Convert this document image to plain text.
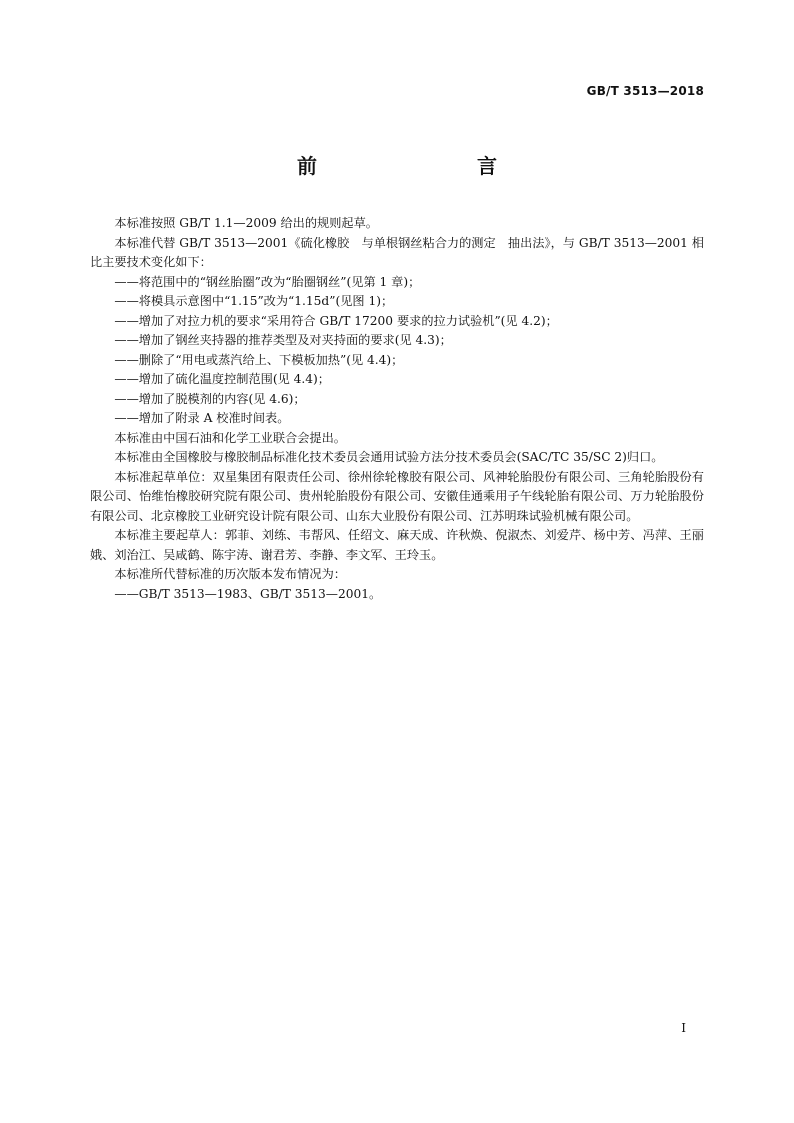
GB/T 3513—2018
前　　言

本标准按照 GB/T 1.1—2009 给出的规则起草。

本标准代替 GB/T 3513—2001《硫化橡胶　与单根钢丝粘合力的测定　抽出法》，与 GB/T 3513—2001 相比主要技术变化如下：

——将范围中的“钢丝胎圈”改为“胎圈钢丝”(见第 1 章)；

——将模具示意图中“1.15”改为“1.15d”(见图 1)；

——增加了对拉力机的要求“采用符合 GB/T 17200 要求的拉力试验机”(见 4.2)；

——增加了钢丝夹持器的推荐类型及对夹持面的要求(见 4.3)；

——删除了“用电或蒸汽给上、下模板加热”(见 4.4)；

——增加了硫化温度控制范围(见 4.4)；

——增加了脱模剂的内容(见 4.6)；

——增加了附录 A 校准时间表。

本标准由中国石油和化学工业联合会提出。

本标准由全国橡胶与橡胶制品标准化技术委员会通用试验方法分技术委员会(SAC/TC 35/SC 2)归口。

本标准起草单位：双星集团有限责任公司、徐州徐轮橡胶有限公司、风神轮胎股份有限公司、三角轮胎股份有限公司、怡维怡橡胶研究院有限公司、贵州轮胎股份有限公司、安徽佳通乘用子午线轮胎有限公司、万力轮胎股份有限公司、北京橡胶工业研究设计院有限公司、山东大业股份有限公司、江苏明珠试验机械有限公司。

本标准主要起草人：郭菲、刘练、韦帮风、任绍文、麻天成、许秋焕、倪淑杰、刘爱芹、杨中芳、冯萍、王丽娥、刘治江、吴咸鹤、陈宇涛、谢君芳、李静、李文军、王玲玉。

本标准所代替标准的历次版本发布情况为：

——GB/T 3513—1983、GB/T 3513—2001。

I
